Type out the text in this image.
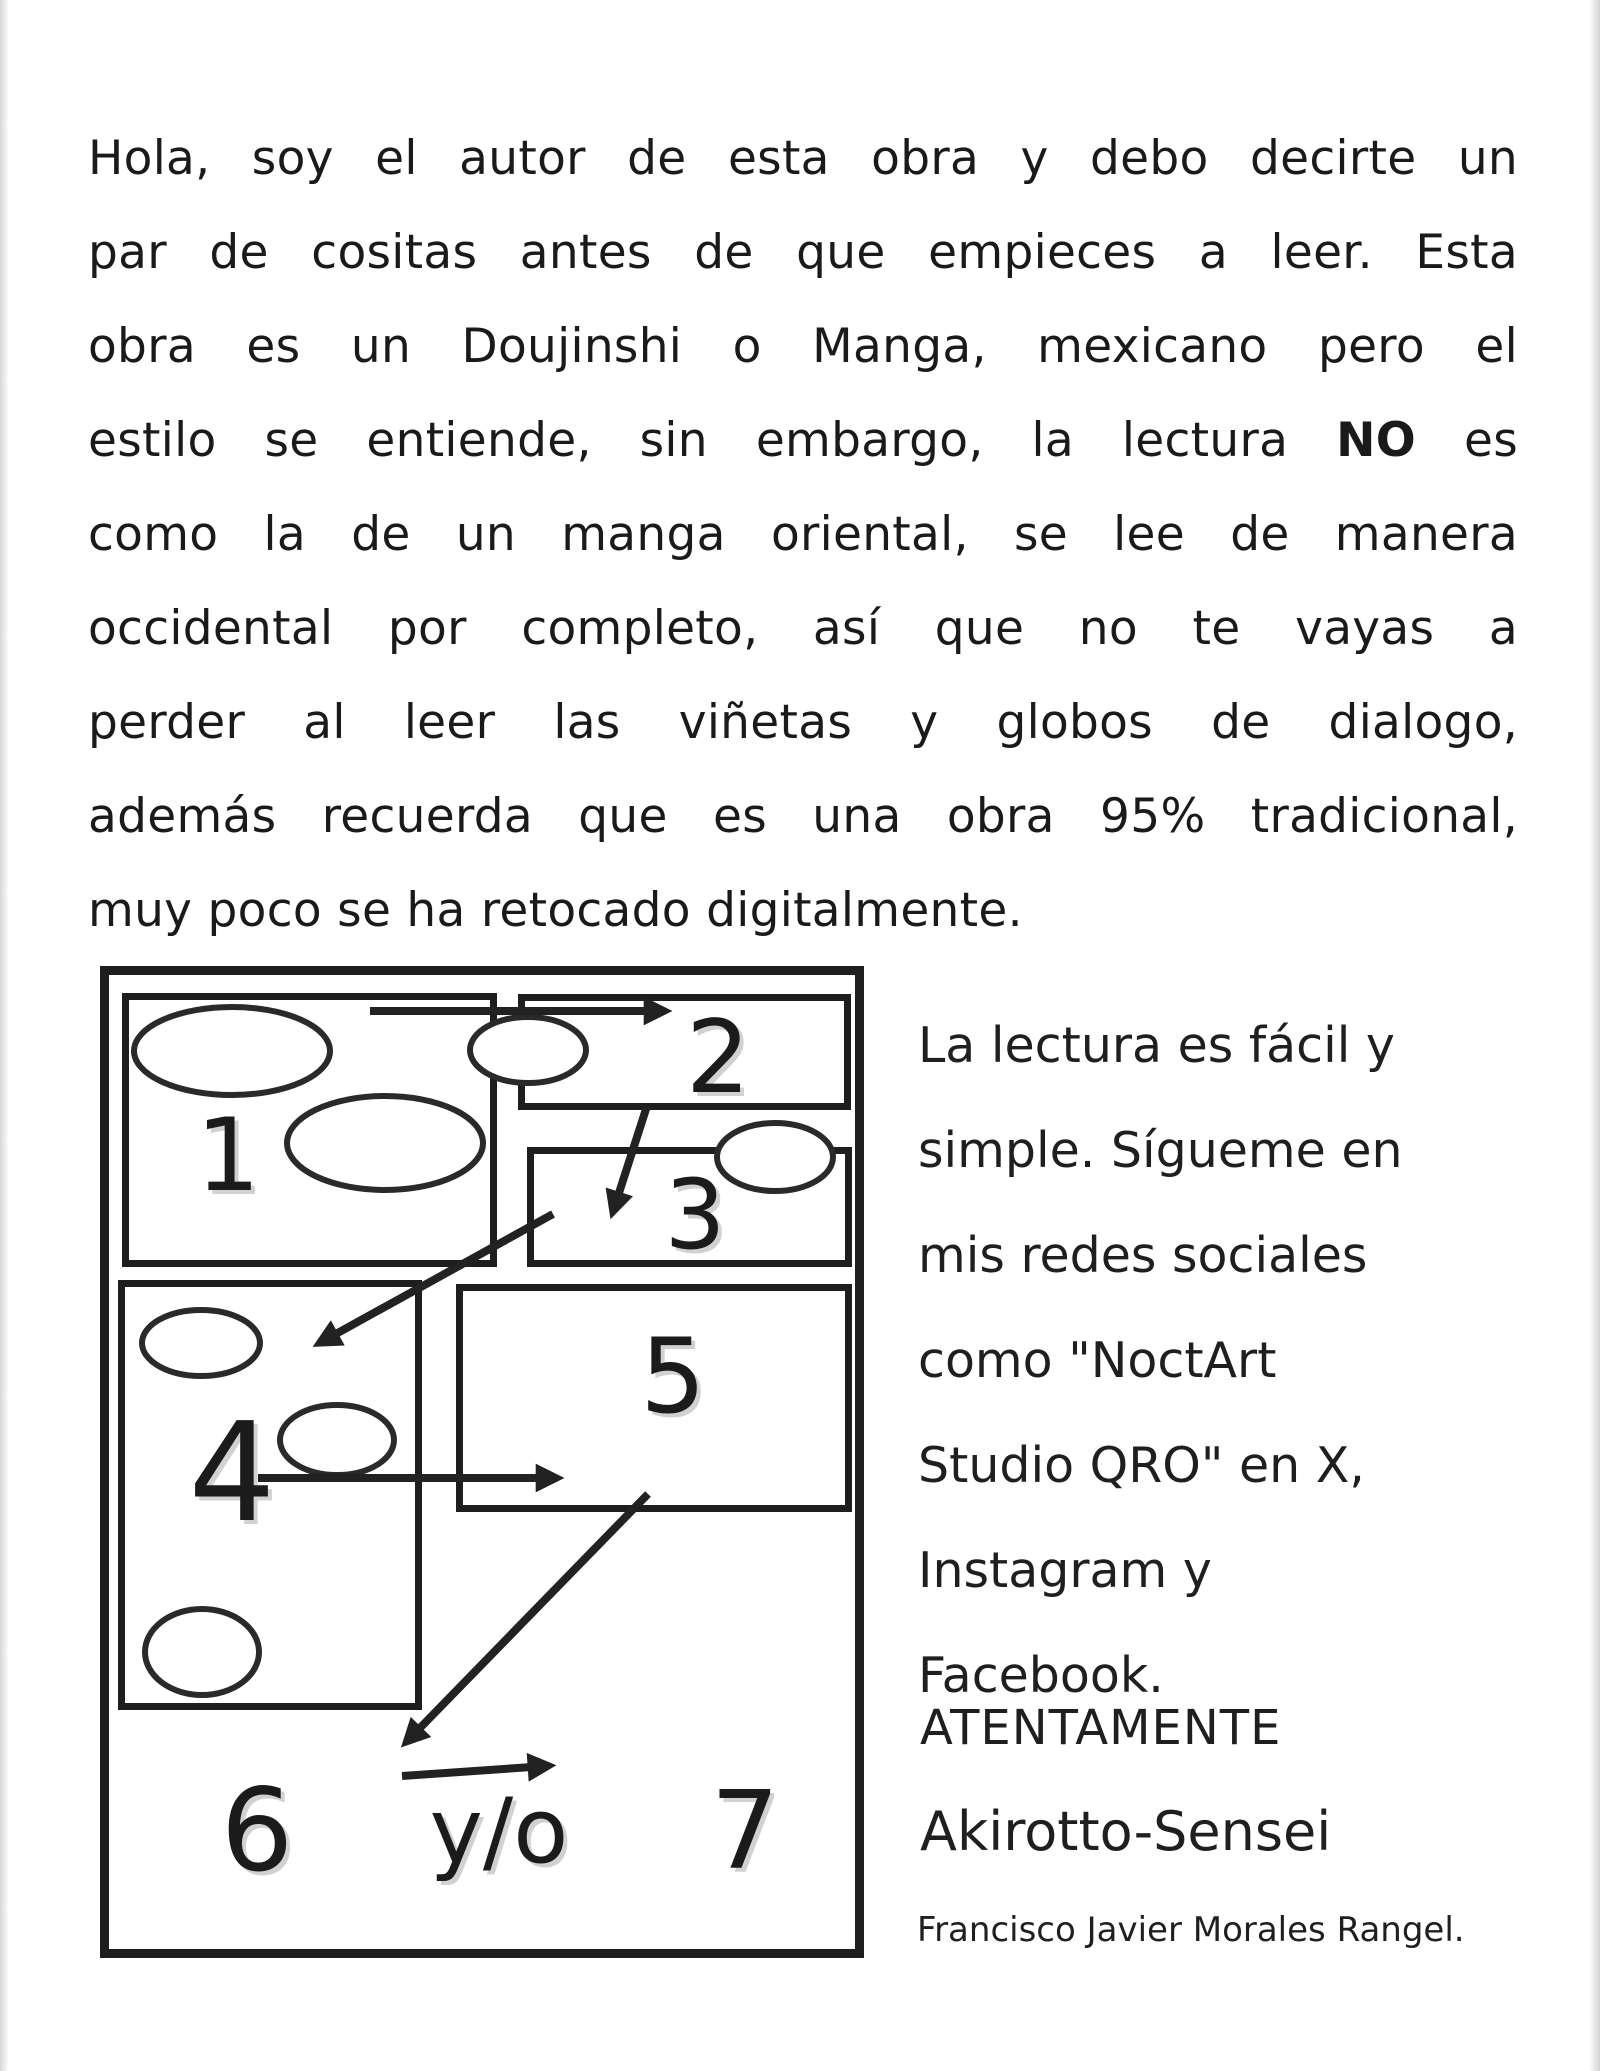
Hola, soy el autor de esta obra y debo decirte un
par de cositas antes de que empieces a leer. Esta
obra es un Doujinshi o Manga, mexicano pero el
estilo se entiende, sin embargo, la lectura NO es
como la de un manga oriental, se lee de manera
occidental por completo, así que no te vayas a
perder al leer las viñetas y globos de dialogo,
además recuerda que es una obra 95% tradicional,
muy poco se ha retocado digitalmente.
1
2
3
4
5
6 y/o 7
La lectura es fácil y
simple. Sígueme en
mis redes sociales
como "NoctArt
Studio QRO" en X,
Instagram y
Facebook.
ATENTAMENTE
Akirotto-Sensei
Francisco Javier Morales Rangel.
